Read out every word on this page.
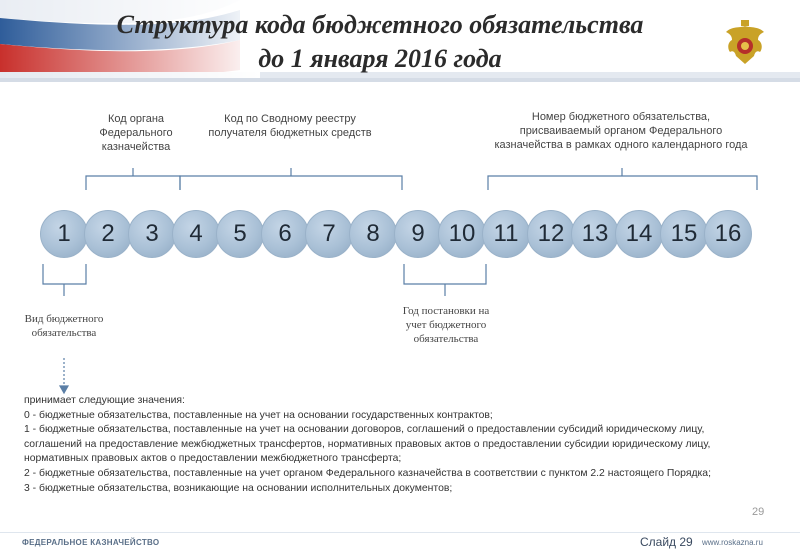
Структура кода бюджетного обязательства
до 1 января 2016 года
Код органа Федерального казначейства
Код по Сводному реестру получателя бюджетных средств
Номер бюджетного обязательства, присваиваемый органом Федерального казначейства в рамках одного календарного года
Вид бюджетного обязательства
Год постановки на учет бюджетного обязательства
1	2	3	4	5	6	7	8	9 10 11 12 13 14 15 16

принимает следующие значения:

0 - бюджетные обязательства, поставленные на учет на основании государственных контрактов;

1 - бюджетные обязательства, поставленные на учет на основании договоров, соглашений о предоставлении субсидий юридическому лицу, соглашений на предоставление межбюджетных трансфертов, нормативных правовых актов о предоставлении субсидии юридическому лицу, нормативных правовых актов о предоставлении межбюджетного трансферта;

2 - бюджетные обязательства, поставленные на учет органом Федерального казначейства в соответствии с пунктом 2.2 настоящего Порядка;

3 - бюджетные обязательства, возникающие на основании исполнительных документов;

29
ФЕДЕРАЛЬНОЕ КАЗНАЧЕЙСТВО	Слайд 29 www.roskazna.ru
